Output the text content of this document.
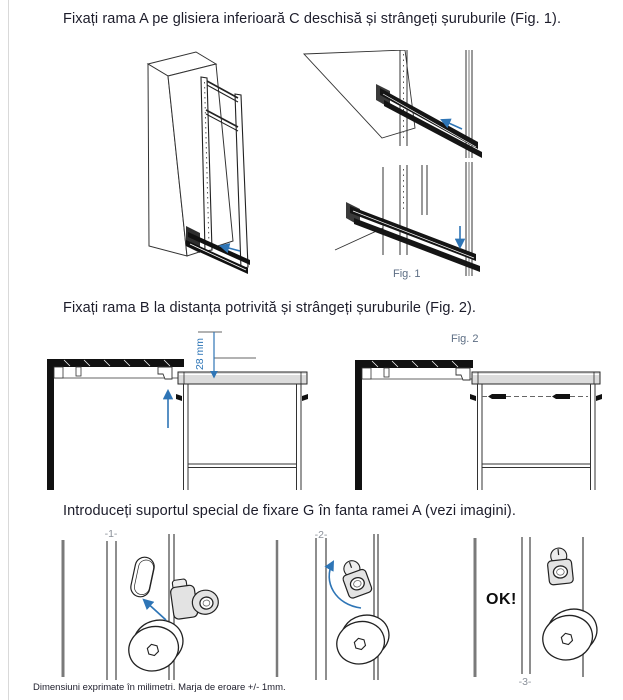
Fixați rama A pe glisiera inferioară C deschisă și strângeți șuruburile (Fig. 1).
Fig. 1
Fixați rama B la distanța potrivită și strângeți șuruburile (Fig. 2).
Fig. 2
28 mm
Introduceți suportul special de fixare G în fanta ramei A (vezi imagini).
-1-	-2-
-3-
OK!
Dimensiuni exprimate în milimetri. Marja de eroare +/- 1mm.
